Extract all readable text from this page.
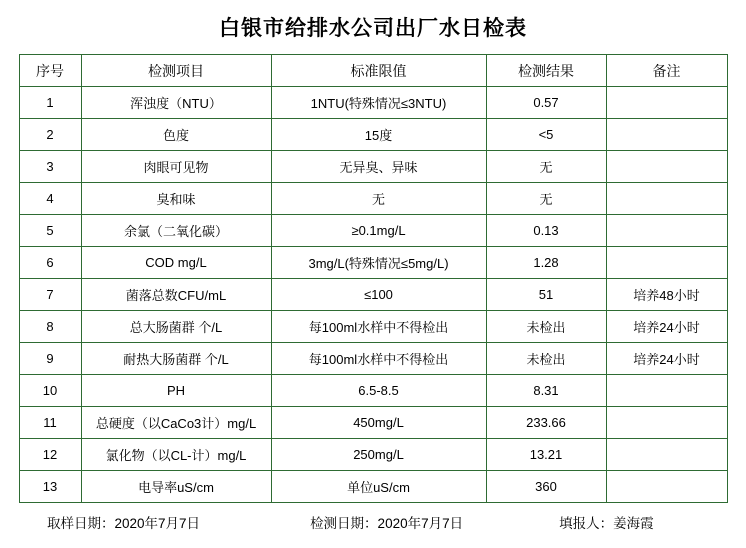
白银市给排水公司出厂水日检表
序号	检测项目	标准限值	检测结果	备注
1	浑浊度（NTU）	1NTU(特殊情况≤3NTU)	0.57	
2	色度	15度	<5	
3	肉眼可见物	无异臭、异味	无	
4	臭和味	无	无	
5	余氯（二氧化碳）	≥0.1mg/L	0.13	
6	COD mg/L	3mg/L(特殊情况≤5mg/L)	1.28	
7	菌落总数CFU/mL	≤100	51	培养48小时
8	总大肠菌群 个/L	每100ml水样中不得检出	未检出	培养24小时
9	耐热大肠菌群 个/L	每100ml水样中不得检出	未检出	培养24小时
10	PH	6.5-8.5	8.31	
11	总硬度（以CaCo3计）mg/L	450mg/L	233.66	
12	氯化物（以CL-计）mg/L	250mg/L	13.21	
13	电导率uS/cm	单位uS/cm	360	
取样日期：2020年7月7日	检测日期：2020年7月7日	填报人：姜海霞
